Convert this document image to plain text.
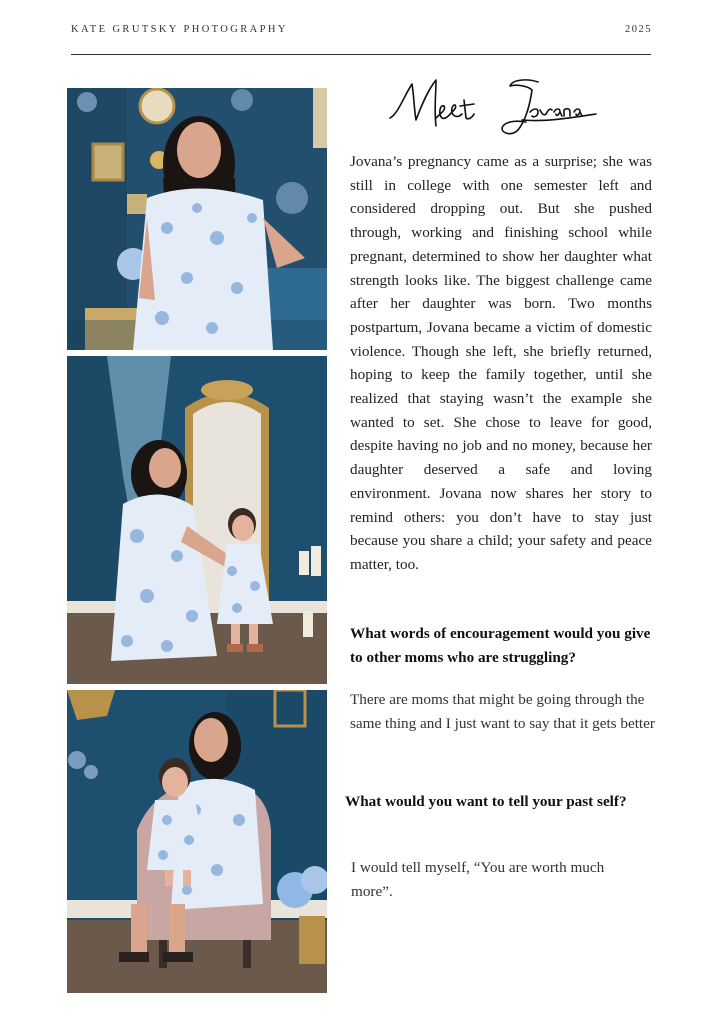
KATE GRUTSKY PHOTOGRAPHY	2025

Jovana’s pregnancy came as a surprise; she was still in college with one semester left and considered dropping out. But she pushed through, working and finishing school while pregnant, determined to show her daughter what strength looks like. The biggest challenge came after her daughter was born. Two months postpartum, Jovana became a victim of domestic violence. Though she left, she briefly returned, hoping to keep the family together, until she realized that staying wasn’t the example she wanted to set. She chose to leave for good, despite having no job and no money, because her daughter deserved a safe and loving environment. Jovana now shares her story to remind others: you don’t have to stay just because you share a child; your safety and peace matter, too.

What words of encouragement would you give to other moms who are struggling?

There are moms that might be going through the same thing and I just want to say that it gets better

What would you want to tell your past self?

I would tell myself, “You are worth much more”.
